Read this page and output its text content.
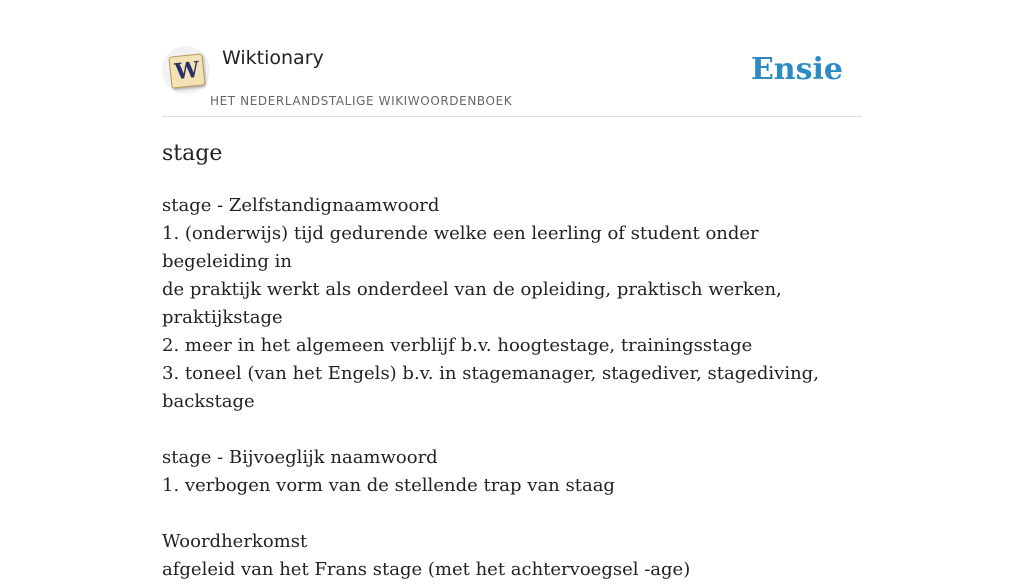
W Wiktionary
HET NEDERLANDSTALIGE WIKIWOORDENBOEK
Ensie
stage
stage - Zelfstandignaamwoord
1. (onderwijs) tijd gedurende welke een leerling of student onder begeleiding in
de praktijk werkt als onderdeel van de opleiding, praktisch werken, praktijkstage
2. meer in het algemeen verblijf b.v. hoogtestage, trainingsstage
3. toneel (van het Engels) b.v. in stagemanager, stagediver, stagediving,
backstage
stage - Bijvoeglijk naamwoord
1. verbogen vorm van de stellende trap van staag
Woordherkomst
afgeleid van het Frans stage (met het achtervoegsel -age)
